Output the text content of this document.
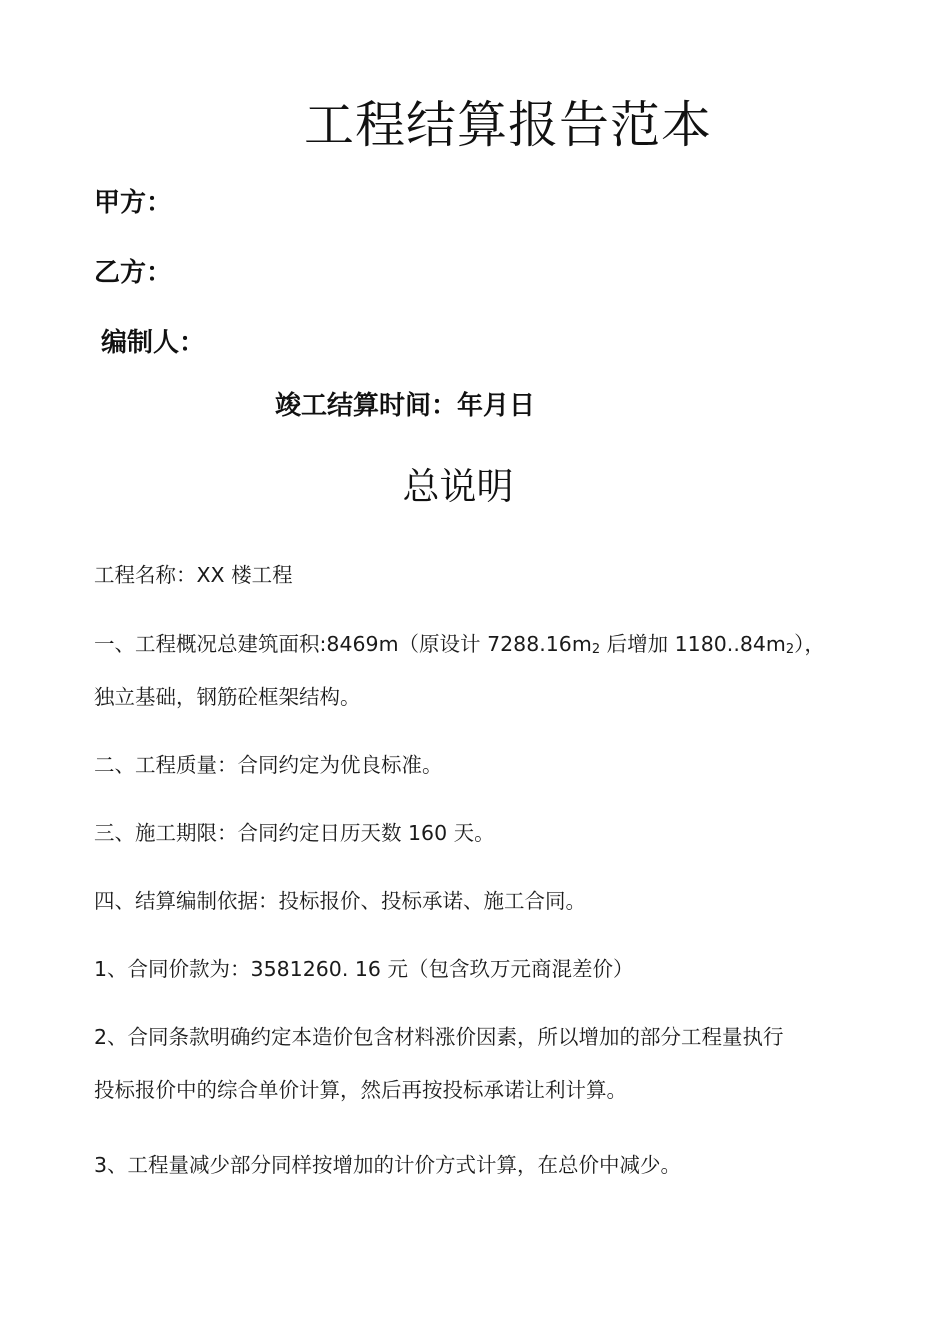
工程结算报告范本

甲方：

乙方：

编制人：

竣工结算时间：年月日

总说明

工程名称：XX 楼工程

一、工程概况总建筑面积:8469m（原设计 7288.16m2 后增加 1180..84m2），

独立基础，钢筋砼框架结构。

二、工程质量：合同约定为优良标准。

三、施工期限：合同约定日历天数 160 天。

四、结算编制依据：投标报价、投标承诺、施工合同。

1、合同价款为：3581260. 16 元（包含玖万元商混差价）

2、合同条款明确约定本造价包含材料涨价因素，所以增加的部分工程量执行

投标报价中的综合单价计算，然后再按投标承诺让利计算。

3、工程量减少部分同样按增加的计价方式计算，在总价中减少。
